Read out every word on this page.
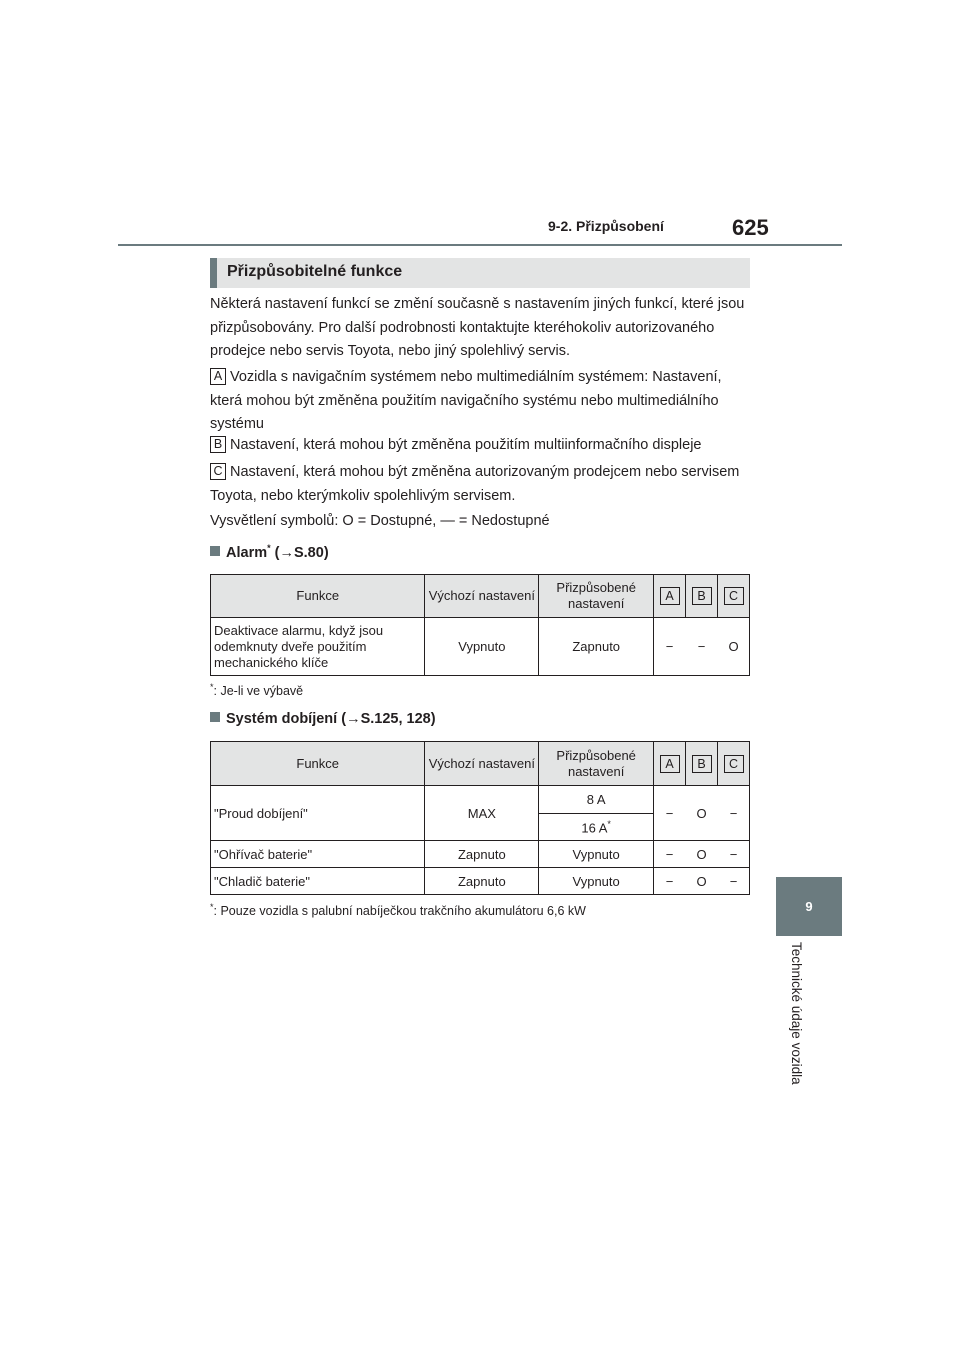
9-2. Přizpůsobení	625
9
Technické údaje vozidla
Přizpůsobitelné funkce
Některá nastavení funkcí se změní současně s nastavením jiných funkcí, které jsou přizpůsobovány. Pro další podrobnosti kontaktujte kteréhokoliv autorizovaného prodejce nebo servis Toyota, nebo jiný spolehlivý servis.
A Vozidla s navigačním systémem nebo multimediálním systémem: Nastavení, která mohou být změněna použitím navigačního systému nebo multimediálního systému
B Nastavení, která mohou být změněna použitím multiinformačního displeje
C Nastavení, která mohou být změněna autorizovaným prodejcem nebo servisem Toyota, nebo kterýmkoliv spolehlivým servisem.
Vysvětlení symbolů: O = Dostupné, — = Nedostupné
Alarm* (→S.80)
Funkce	Výchozí nastavení	Přizpůsobené nastavení	A	B	C
Deaktivace alarmu, když jsou odemknuty dveře použitím mechanického klíče	Vypnuto	Zapnuto	− − O		
*: Je-li ve výbavě
Systém dobíjení (→S.125, 128)
Funkce	Výchozí nastavení	Přizpůsobené nastavení	A	B	C
"Proud dobíjení"	MAX	8 A	− O −		
		16 A*
"Ohřívač baterie"	Zapnuto	Vypnuto	− O −		
"Chladič baterie"	Zapnuto	Vypnuto	− O −		
*: Pouze vozidla s palubní nabíječkou trakčního akumulátoru 6,6 kW
